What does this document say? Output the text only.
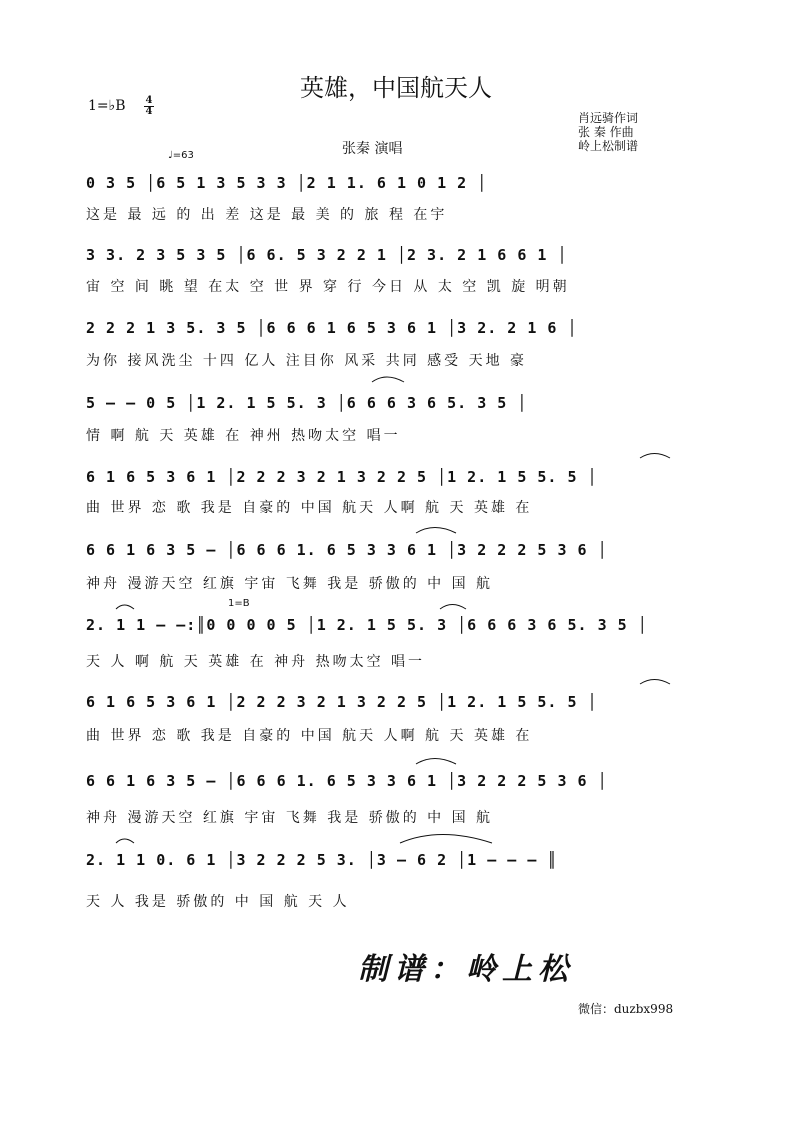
英雄，中国航天人
1=♭B 4
4
张秦 演唱
肖远骑作词
张 秦 作曲
岭上松制谱
♩=63
0 3 5 │6 5 1 3 5 3 3 │2 1 1. 6 1 0 1 2 │
这是 最 远 的 出 差 这是 最 美 的 旅 程 在宇
3 3. 2 3 5 3 5 │6 6. 5 3 2 2 1 │2 3. 2 1 6 6 1 │
宙 空 间 眺 望 在太 空 世 界 穿 行 今日 从 太 空 凯 旋 明朝
2 2 2 1 3 5. 3 5 │6 6 6 1 6 5 3 6 1 │3 2. 2 1 6 │
为你 接风洗尘 十四 亿人 注目你 风采 共同 感受 天地 豪
5 – – 0 5 │1 2. 1 5 5. 3 │6 6 6 3 6 5. 3 5 │
情 啊 航 天 英雄 在 神州 热吻太空 唱一
6 1 6 5 3 6 1 │2 2 2 3 2 1 3 2 2 5 │1 2. 1 5 5. 5 │
曲 世界 恋 歌 我是 自豪的 中国 航天 人啊 航 天 英雄 在
6 6 1 6 3 5 – │6 6 6 1. 6 5 3 3 6 1 │3 2 2 2 5 3 6 │
神舟 漫游天空 红旗 宇宙 飞舞 我是 骄傲的 中 国 航
1=B
2. 1 1 – –:║0 0 0 0 5 │1 2. 1 5 5. 3 │6 6 6 3 6 5. 3 5 │
天 人 啊 航 天 英雄 在 神舟 热吻太空 唱一
6 1 6 5 3 6 1 │2 2 2 3 2 1 3 2 2 5 │1 2. 1 5 5. 5 │
曲 世界 恋 歌 我是 自豪的 中国 航天 人啊 航 天 英雄 在
6 6 1 6 3 5 – │6 6 6 1. 6 5 3 3 6 1 │3 2 2 2 5 3 6 │
神舟 漫游天空 红旗 宇宙 飞舞 我是 骄傲的 中 国 航
2. 1 1 0. 6 1 │3 2 2 2 5 3. │3 – 6 2 │1 – – – ║
天 人 我是 骄傲的 中 国 航 天 人
制谱：岭上松
微信：duzbx998
